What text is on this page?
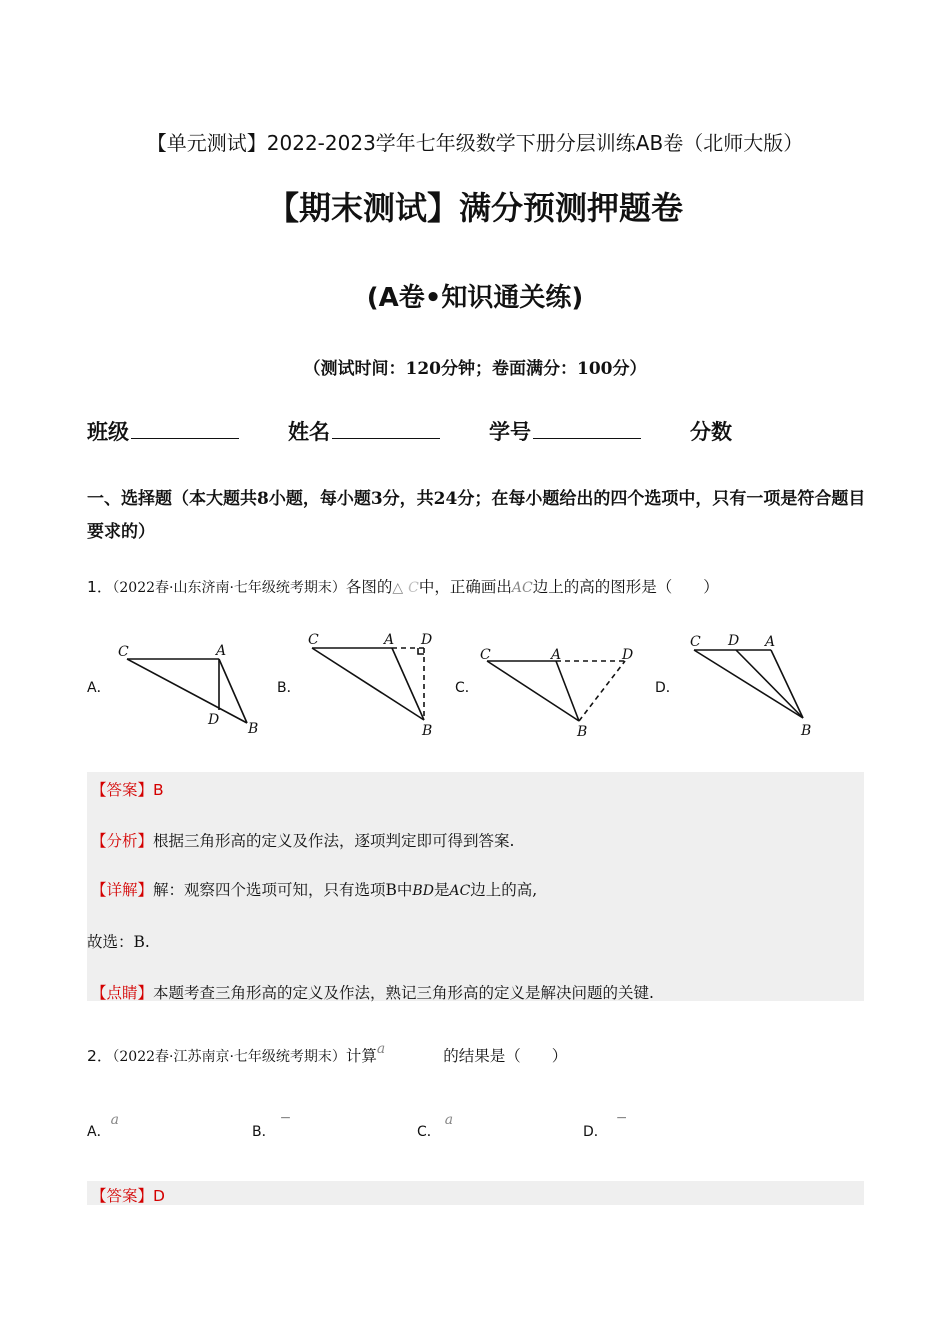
【单元测试】2022-2023学年七年级数学下册分层训练AB卷（北师大版）
【期末测试】满分预测押题卷
(A卷•知识通关练)
（测试时间：120分钟；卷面满分：100分）
班级	姓名	学号	分数
一、选择题（本大题共8小题，每小题3分，共24分；在每小题给出的四个选项中，只有一项是符合题目要求的）
1．（2022春·山东济南·七年级统考期末）各图的△ C中，正确画出AC边上的高的图形是（　　）
A．	B．	C．	D．
C	A
D
B
C	A D
B
C	A	D
B
C D A
B
【答案】B
【分析】根据三角形高的定义及作法，逐项判定即可得到答案.
【详解】解：观察四个选项可知，只有选项B中BD是AC边上的高,
故选：B.
【点睛】本题考查三角形高的定义及作法，熟记三角形高的定义是解决问题的关键.
2．（2022春·江苏南京·七年级统考期末）计算a	的结果是（　　）
A．a
B．−
C．a
D．−
【答案】D
